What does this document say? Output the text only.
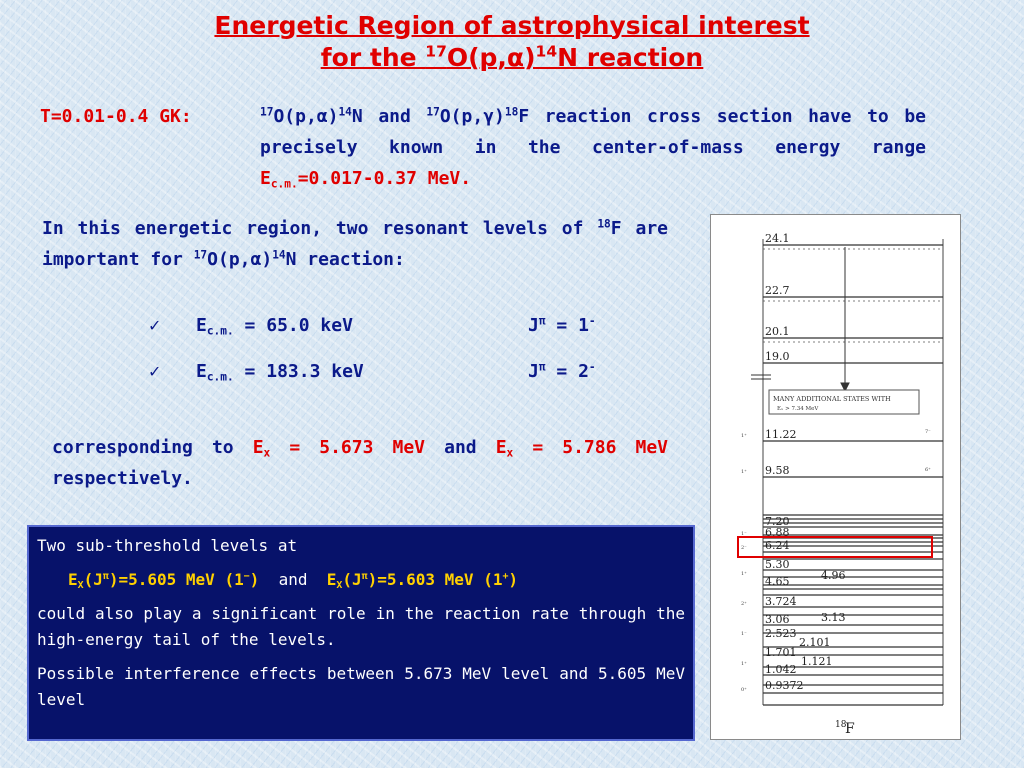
Energetic Region of astrophysical interest
for the $^{17}O(p,\alpha)^{14}N$ reaction
T=0.01-0.4 GK:	$^{17}O(p,\alpha)^{14}N$ and $^{17}O(p,\gamma)^{18}F$ reaction cross section have to be precisely known in the center-of-mass energy range $E_{c.m.}=0.017-0.37$ MeV.
In this energetic region, two resonant levels of $^{18}$F are important for $^{17}O(p,\alpha)^{14}N$ reaction:
✓ $E_{c.m.} = 65.0$ keV	$J^\pi = 1^-$
✓ $E_{c.m.} = 183.3$ keV	$J^\pi = 2^-$
corresponding to $E_x = 5.673$ MeV and $E_x = 5.786$ MeV respectively.

Two sub-threshold levels at

$E_X(J^\pi)=5.605$ MeV (1−) and $E_X(J^\pi)=5.603$ MeV (1+)

could also play a significant role in the reaction rate through the high-energy tail of the levels.

Possible interference effects between 5.673 MeV level and 5.605 MeV level

MANY ADDITIONAL STATES WITH
Eₓ > 7.34 MeV
24.1
22.7
20.1
19.0
11.22
9.58
7.20
6.88
6.24
5.30
4.96
4.65
3.724
3.13
3.06
2.523
2.101
1.701
1.121
1.042
0.9372
7⁻
6⁺
1⁺
1⁺
1⁻
2⁻
1⁺
2⁺
1⁻
1⁺
0⁺
18
F
